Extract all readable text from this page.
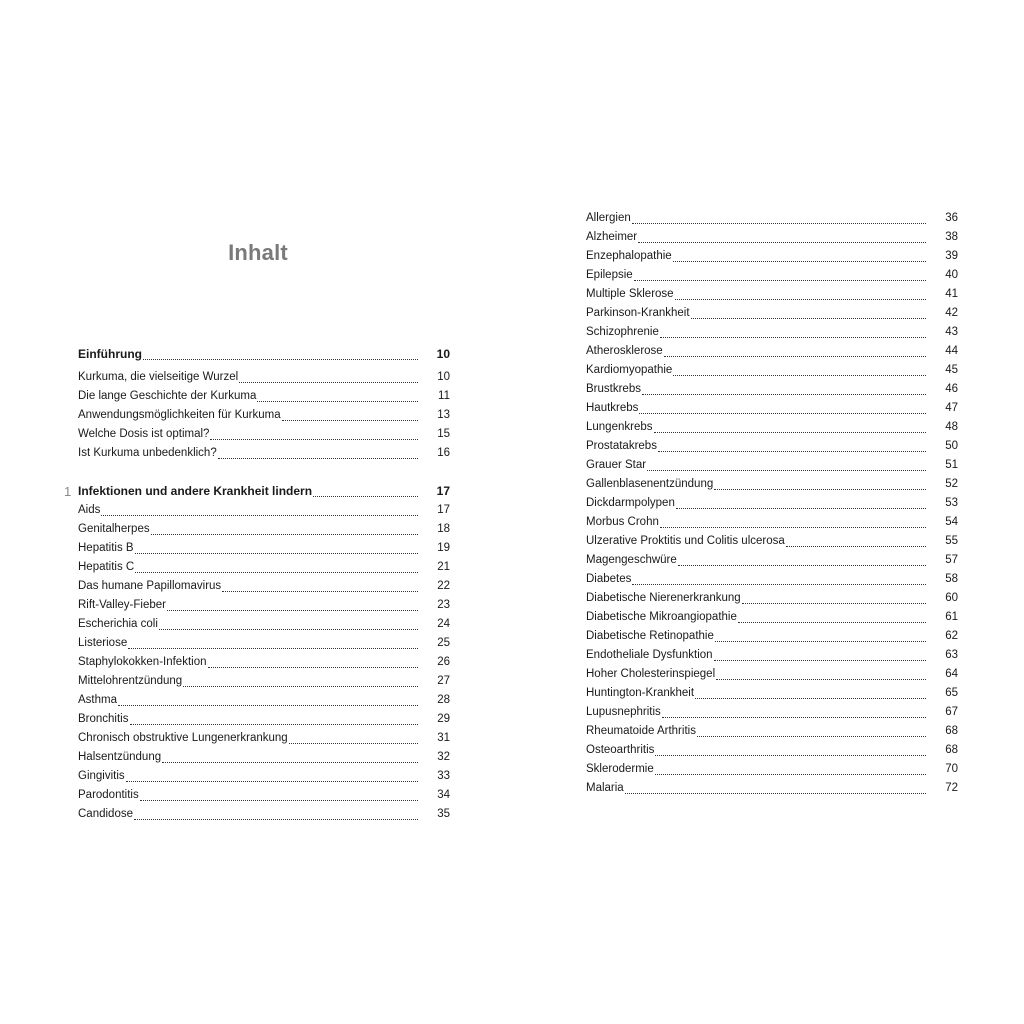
Inhalt
Einführung	10
Kurkuma, die vielseitige Wurzel	10
Die lange Geschichte der Kurkuma	11
Anwendungsmöglichkeiten für Kurkuma	13
Welche Dosis ist optimal?	15
Ist Kurkuma unbedenklich?	16
1 Infektionen und andere Krankheit lindern	17
Aids	17
Genitalherpes	18
Hepatitis B	19
Hepatitis C	21
Das humane Papillomavirus	22
Rift-Valley-Fieber	23
Escherichia coli	24
Listeriose	25
Staphylokokken-Infektion	26
Mittelohrentzündung	27
Asthma	28
Bronchitis	29
Chronisch obstruktive Lungenerkrankung	31
Halsentzündung	32
Gingivitis	33
Parodontitis	34
Candidose	35
Allergien	36
Alzheimer	38
Enzephalopathie	39
Epilepsie	40
Multiple Sklerose	41
Parkinson-Krankheit	42
Schizophrenie	43
Atherosklerose	44
Kardiomyopathie	45
Brustkrebs	46
Hautkrebs	47
Lungenkrebs	48
Prostatakrebs	50
Grauer Star	51
Gallenblasenentzündung	52
Dickdarmpolypen	53
Morbus Crohn	54
Ulzerative Proktitis und Colitis ulcerosa	55
Magengeschwüre	57
Diabetes	58
Diabetische Nierenerkrankung	60
Diabetische Mikroangiopathie	61
Diabetische Retinopathie	62
Endotheliale Dysfunktion	63
Hoher Cholesterinspiegel	64
Huntington-Krankheit	65
Lupusnephritis	67
Rheumatoide Arthritis	68
Osteoarthritis	68
Sklerodermie	70
Malaria	72
